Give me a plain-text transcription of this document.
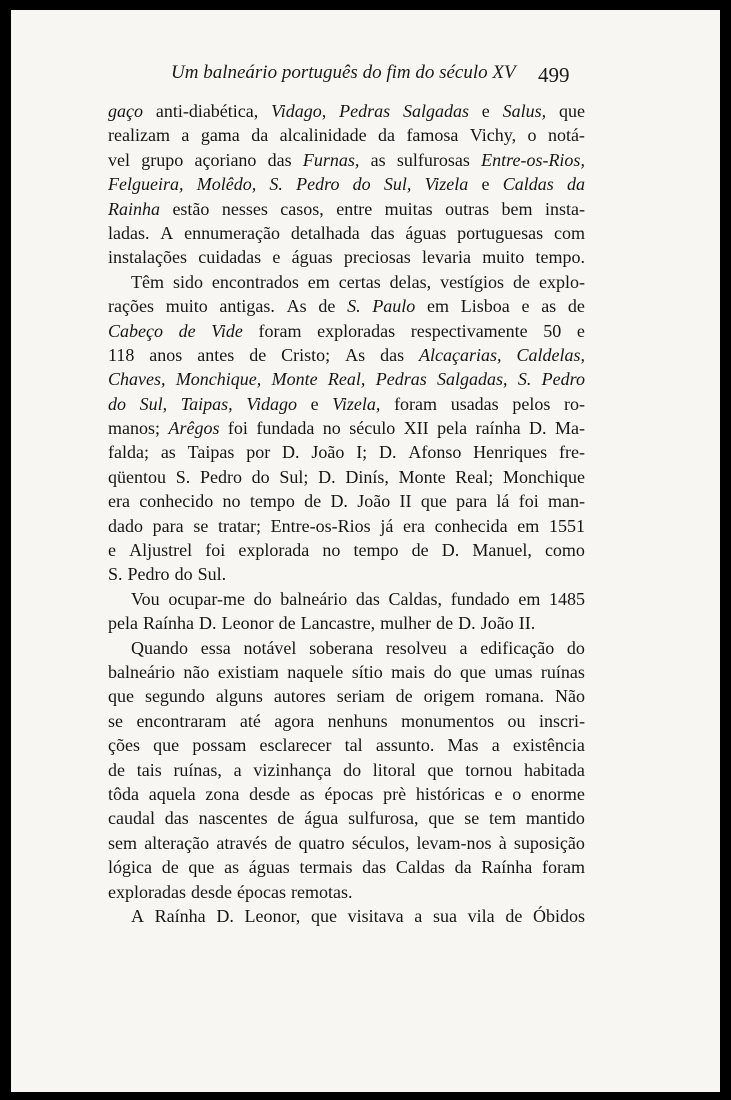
Um balneário português do fim do século XV 499
gaço anti-diabética, Vidago, Pedras Salgadas e Salus, que
realizam a gama da alcalinidade da famosa Vichy, o notá-
vel grupo açoriano das Furnas, as sulfurosas Entre-os-Rios,
Felgueira, Molêdo, S. Pedro do Sul, Vizela e Caldas da
Rainha estão nesses casos, entre muitas outras bem insta-
ladas. A ennumeração detalhada das águas portuguesas com
instalações cuidadas e águas preciosas levaria muito tempo.
Têm sido encontrados em certas delas, vestígios de explo-
rações muito antigas. As de S. Paulo em Lisboa e as de
Cabeço de Vide foram exploradas respectivamente 50 e
118 anos antes de Cristo; As das Alcaçarias, Caldelas,
Chaves, Monchique, Monte Real, Pedras Salgadas, S. Pedro
do Sul, Taipas, Vidago e Vizela, foram usadas pelos ro-
manos; Arêgos foi fundada no século XII pela raínha D. Ma-
falda; as Taipas por D. João I; D. Afonso Henriques fre-
qüentou S. Pedro do Sul; D. Dinís, Monte Real; Monchique
era conhecido no tempo de D. João II que para lá foi man-
dado para se tratar; Entre-os-Rios já era conhecida em 1551
e Aljustrel foi explorada no tempo de D. Manuel, como
S. Pedro do Sul.
Vou ocupar-me do balneário das Caldas, fundado em 1485
pela Raínha D. Leonor de Lancastre, mulher de D. João II.
Quando essa notável soberana resolveu a edificação do
balneário não existiam naquele sítio mais do que umas ruínas
que segundo alguns autores seriam de origem romana. Não
se encontraram até agora nenhuns monumentos ou inscri-
ções que possam esclarecer tal assunto. Mas a existência
de tais ruínas, a vizinhança do litoral que tornou habitada
tôda aquela zona desde as épocas prè históricas e o enorme
caudal das nascentes de água sulfurosa, que se tem mantido
sem alteração através de quatro séculos, levam-nos à suposição
lógica de que as águas termais das Caldas da Raínha foram
exploradas desde épocas remotas.
A Raínha D. Leonor, que visitava a sua vila de Óbidos
